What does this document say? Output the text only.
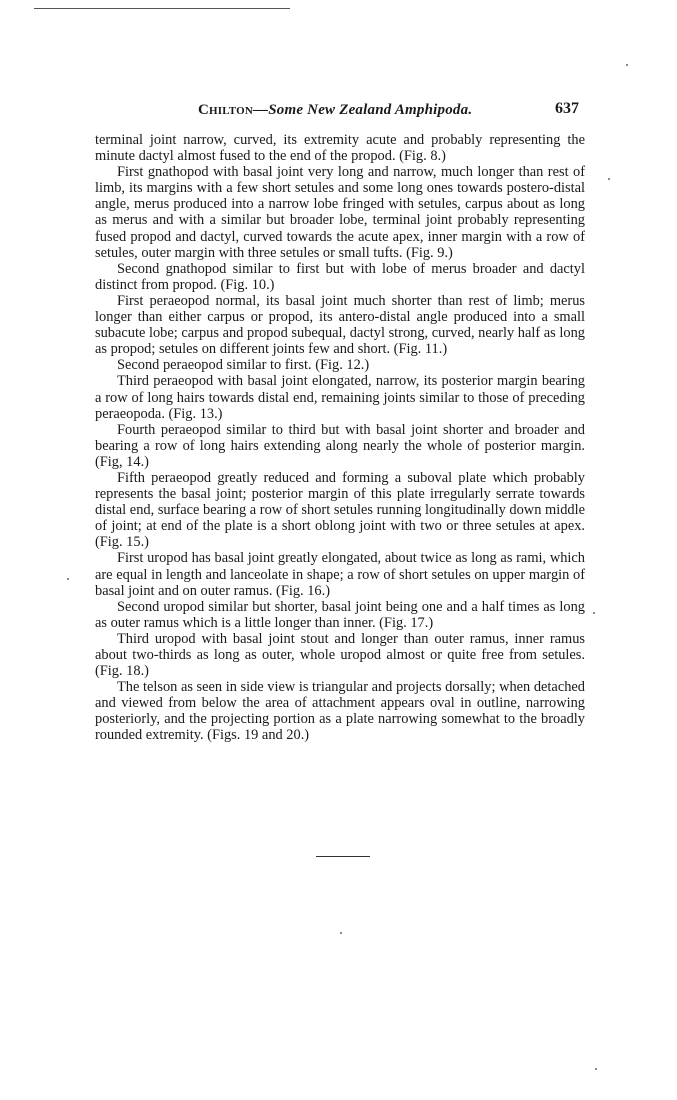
Chilton—Some New Zealand Amphipoda.	637

terminal joint narrow, curved, its extremity acute and probably representing the minute dactyl almost fused to the end of the propod. (Fig. 8.)

First gnathopod with basal joint very long and narrow, much longer than rest of limb, its margins with a few short setules and some long ones towards postero-distal angle, merus produced into a narrow lobe fringed with setules, carpus about as long as merus and with a similar but broader lobe, terminal joint probably representing fused propod and dactyl, curved towards the acute apex, inner margin with a row of setules, outer margin with three setules or small tufts. (Fig. 9.)

Second gnathopod similar to first but with lobe of merus broader and dactyl distinct from propod. (Fig. 10.)

First peraeopod normal, its basal joint much shorter than rest of limb; merus longer than either carpus or propod, its antero-distal angle produced into a small subacute lobe; carpus and propod subequal, dactyl strong, curved, nearly half as long as propod; setules on different joints few and short. (Fig. 11.)

Second peraeopod similar to first. (Fig. 12.)

Third peraeopod with basal joint elongated, narrow, its posterior margin bearing a row of long hairs towards distal end, remaining joints similar to those of preceding peraeopoda. (Fig. 13.)

Fourth peraeopod similar to third but with basal joint shorter and broader and bearing a row of long hairs extending along nearly the whole of posterior margin. (Fig, 14.)

Fifth peraeopod greatly reduced and forming a suboval plate which probably represents the basal joint; posterior margin of this plate irregularly serrate towards distal end, surface bearing a row of short setules running longitudinally down middle of joint; at end of the plate is a short oblong joint with two or three setules at apex. (Fig. 15.)

First uropod has basal joint greatly elongated, about twice as long as rami, which are equal in length and lanceolate in shape; a row of short setules on upper margin of basal joint and on outer ramus. (Fig. 16.)

Second uropod similar but shorter, basal joint being one and a half times as long as outer ramus which is a little longer than inner. (Fig. 17.)

Third uropod with basal joint stout and longer than outer ramus, inner ramus about two-thirds as long as outer, whole uropod almost or quite free from setules. (Fig. 18.)

The telson as seen in side view is triangular and projects dorsally; when detached and viewed from below the area of attachment appears oval in outline, narrowing posteriorly, and the projecting portion as a plate narrowing somewhat to the broadly rounded extremity. (Figs. 19 and 20.)
